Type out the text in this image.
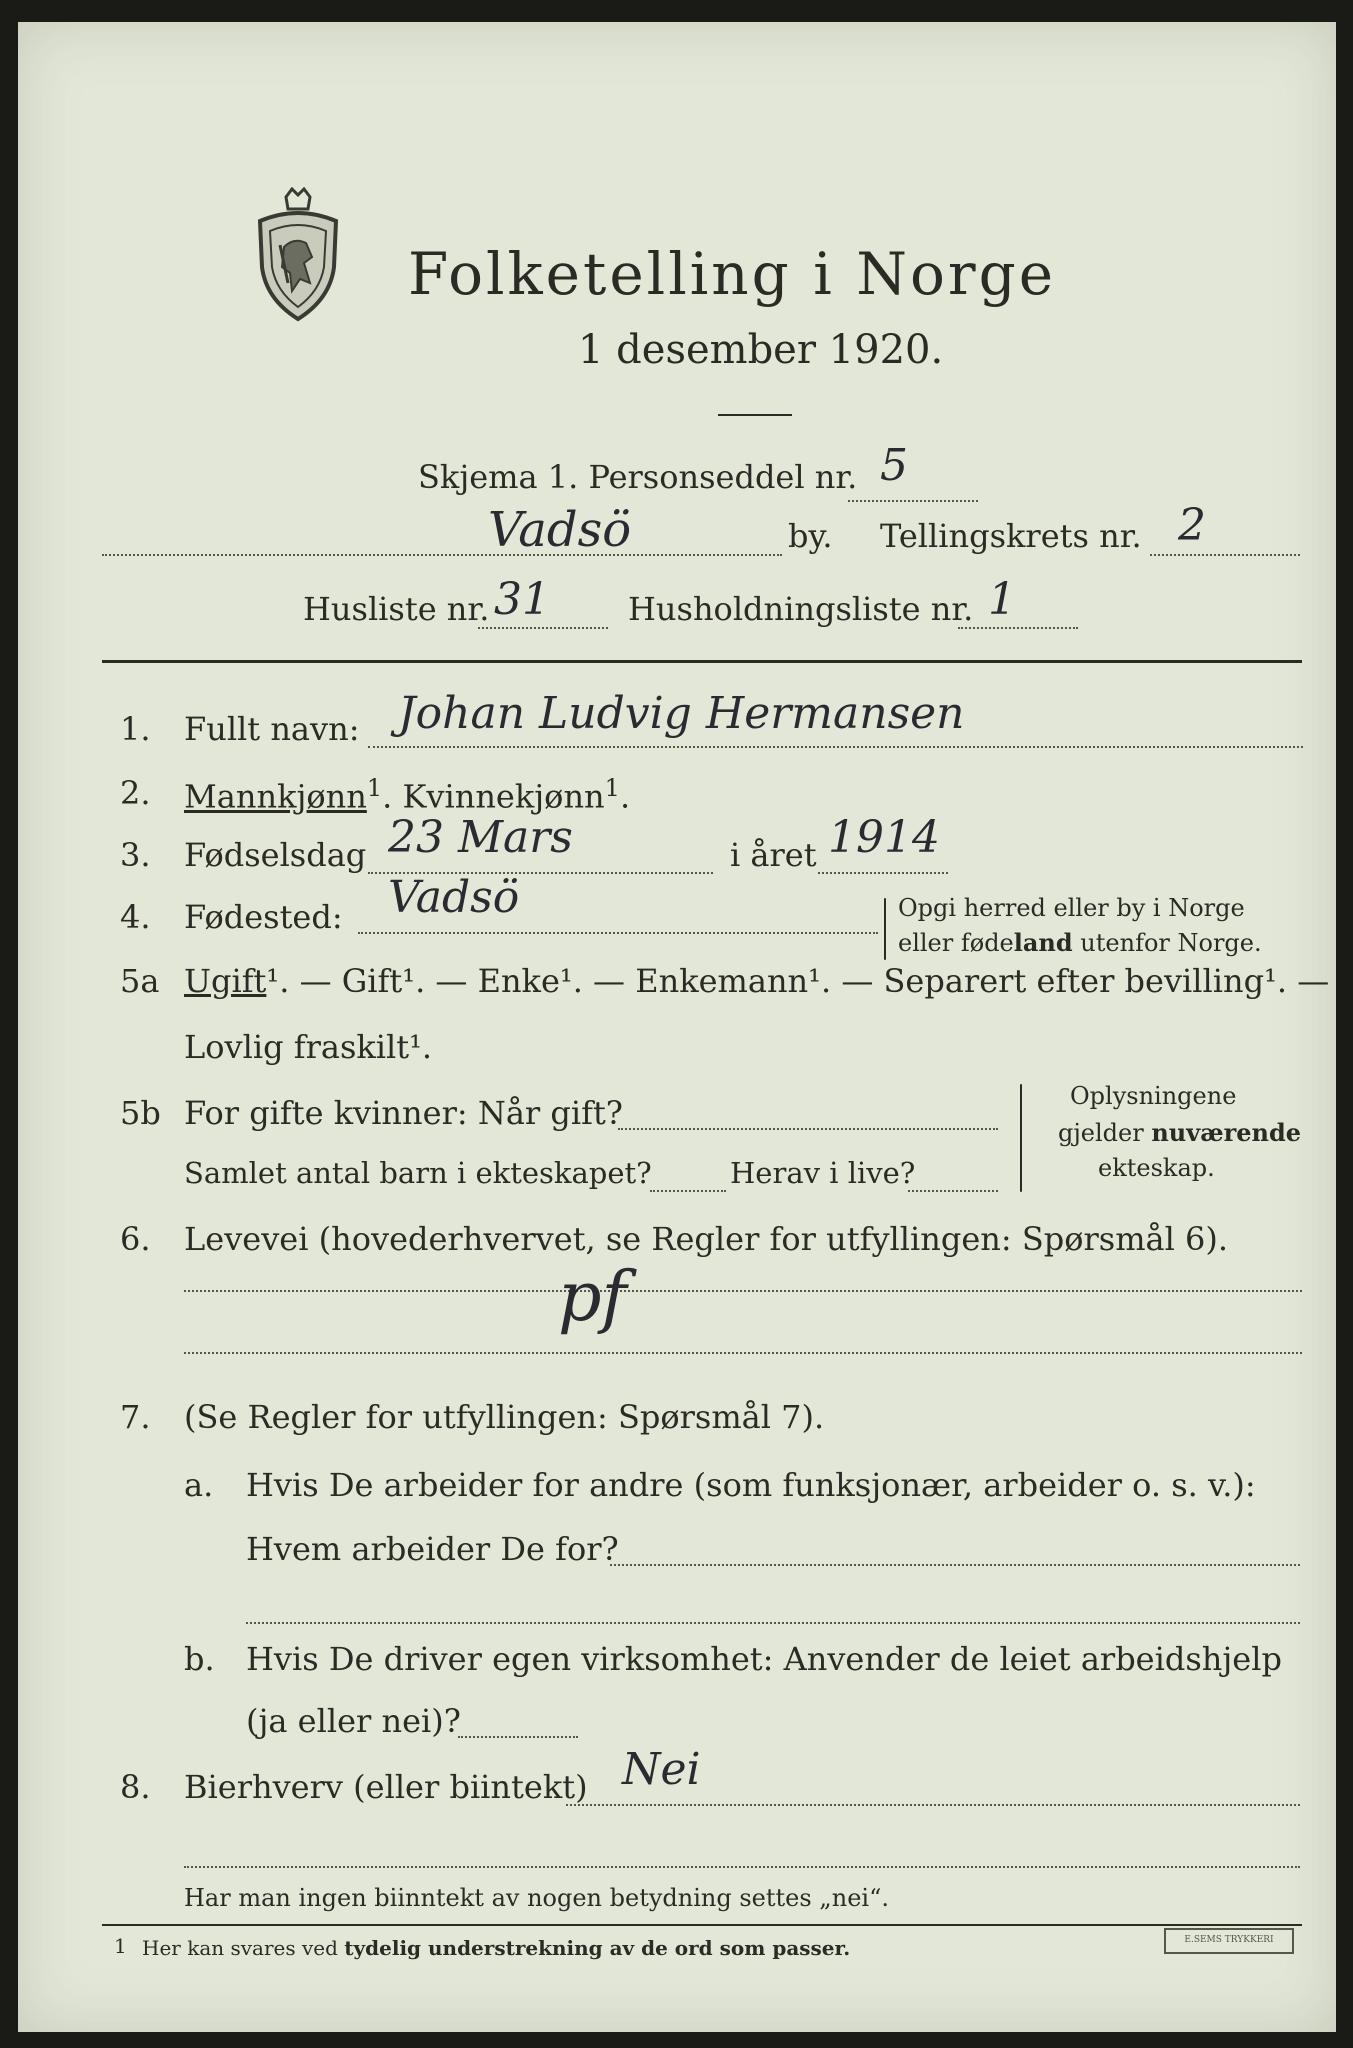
Folketelling i Norge
1 desember 1920.
Skjema 1. Personseddel nr. 5
Vadsö	by. Tellingskrets nr. 2
Husliste nr. 31 Husholdningsliste nr. 1
1. Fullt navn: Johan Ludvig Hermansen
2. Mannkjønn$^1$. Kvinnekjønn$^1$.
3. Fødselsdag 23 Mars	i året 1914
4. Fødested: Vadsö	Opgi herred eller by i Norge
eller fødeland utenfor Norge.
5a Ugift¹. — Gift¹. — Enke¹. — Enkemann¹. — Separert efter bevilling¹. —
Lovlig fraskilt¹.
5b For gifte kvinner: Når gift?
Samlet antal barn i ekteskapet?	Herav i live?
Oplysningene
gjelder nuværende
ekteskap.
6. Levevei (hovederhvervet, se Regler for utfyllingen: Spørsmål 6).
pf
7. (Se Regler for utfyllingen: Spørsmål 7).
a. Hvis De arbeider for andre (som funksjonær, arbeider o. s. v.):
Hvem arbeider De for?
b. Hvis De driver egen virksomhet: Anvender de leiet arbeidshjelp
(ja eller nei)?
8. Bierhverv (eller biintekt) Nei
Har man ingen biinntekt av nogen betydning settes „nei“.
1 Her kan svares ved tydelig understrekning av de ord som passer.	E.SEMS TRYKKERI
